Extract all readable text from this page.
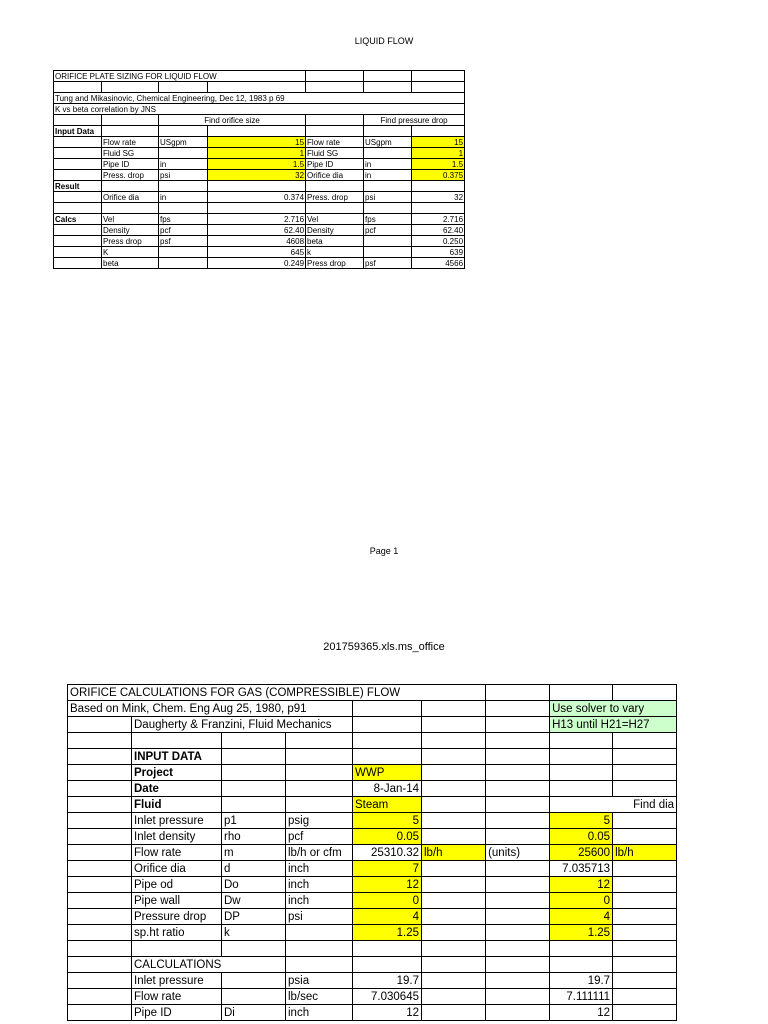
LIQUID FLOW
ORIFICE PLATE SIZING FOR LIQUID FLOW						

Tung and Mikasinovic, Chemical Engineering, Dec 12, 1983 p 69						
K vs beta correlation by JNS						
		Find orifice size			Find pressure drop	
Input Data						
	Flow rate	USgpm	15	Flow rate	USgpm	15
	Fluid SG		1	Fluid SG		1
	Pipe ID	in	1.5	Pipe ID	in	1.5
	Press. drop	psi	32	Orifice dia	in	0.375
Result						
	Orifice dia	in	0.374	Press. drop	psi	32

Calcs	Vel	fps	2.716	Vel	fps	2.716
	Density	pcf	62.40	Density	pcf	62.40
	Press drop	psf	4608	beta		0.250
	K		645	k		639
	beta		0.249	Press drop	psf	4566
Page 1
201759365.xls.ms_office
ORIFICE CALCULATIONS FOR GAS (COMPRESSIBLE) FLOW								
Based on Mink, Chem. Eng Aug 25, 1980, p91							Use solver to vary	
	Daugherty & Franzini, Fluid Mechanics						H13 until H21=H27	

	INPUT DATA							
	Project			WWP				
	Date			8-Jan-14				
	Fluid			Steam			Find dia	
	Inlet pressure	p1	psig	5			5	
	Inlet density	rho	pcf	0.05			0.05	
	Flow rate	m	lb/h or cfm	25310.32	lb/h	(units)	25600	lb/h
	Orifice dia	d	inch	7			7.035713	
	Pipe od	Do	inch	12			12	
	Pipe wall	Dw	inch	0			0	
	Pressure drop	DP	psi	4			4	
	sp.ht ratio	k		1.25			1.25	

	CALCULATIONS							
	Inlet pressure		psia	19.7			19.7	
	Flow rate		lb/sec	7.030645			7.111111	
	Pipe ID	Di	inch	12			12	
